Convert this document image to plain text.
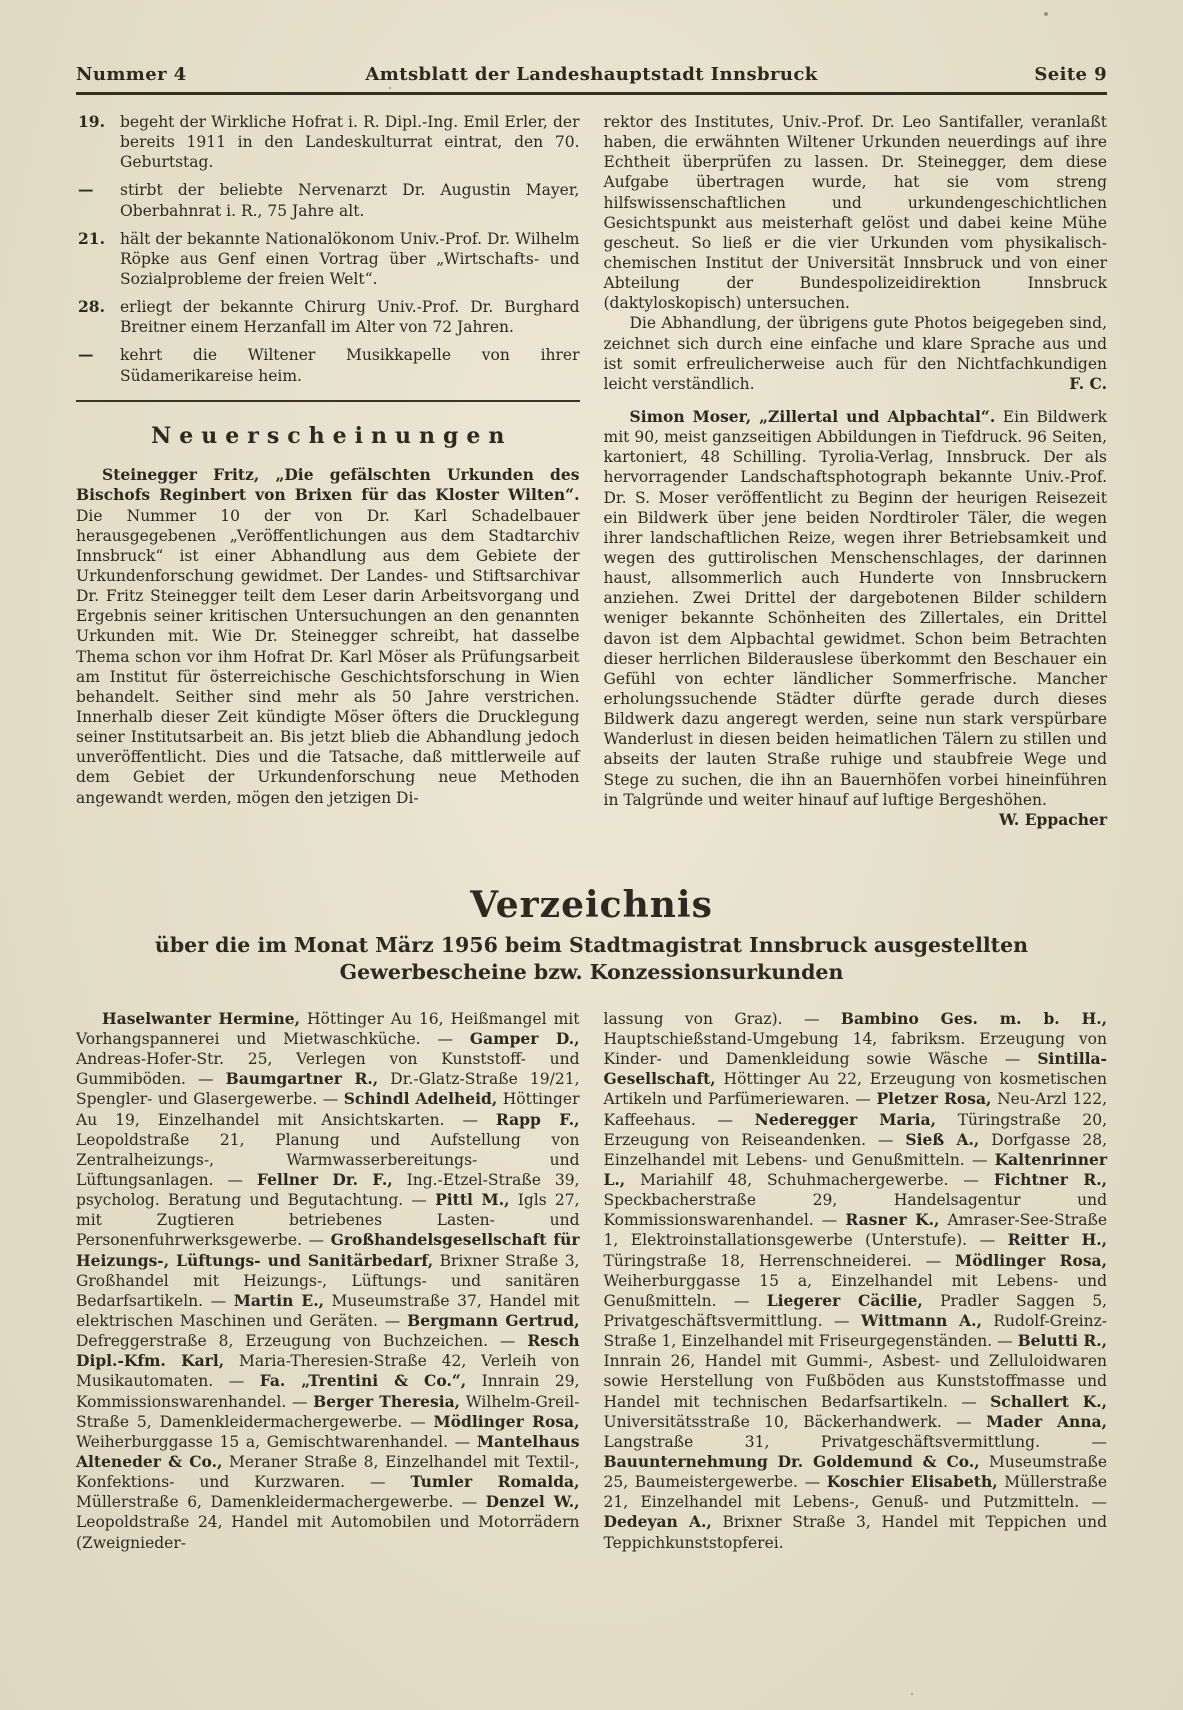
Nummer 4	Amtsblatt der Landeshauptstadt Innsbruck	Seite 9
19. begeht der Wirkliche Hofrat i. R. Dipl.-Ing. Emil Erler, der bereits 1911 in den Landeskulturrat eintrat, den 70. Geburtstag.
—	stirbt der beliebte Nervenarzt Dr. Augustin Mayer, Oberbahnrat i. R., 75 Jahre alt.
21. hält der bekannte Nationalökonom Univ.-Prof. Dr. Wilhelm Röpke aus Genf einen Vortrag über „Wirtschafts- und Sozialprobleme der freien Welt“.
28. erliegt der bekannte Chirurg Univ.-Prof. Dr. Burghard Breitner einem Herzanfall im Alter von 72 Jahren.
—	kehrt die Wiltener Musikkapelle von ihrer Südamerikareise heim.
Neuerscheinungen

Steinegger Fritz, „Die gefälschten Urkunden des Bischofs Reginbert von Brixen für das Kloster Wilten“. Die Nummer 10 der von Dr. Karl Schadelbauer herausgegebenen „Veröffentlichungen aus dem Stadtarchiv Innsbruck“ ist einer Abhandlung aus dem Gebiete der Urkundenforschung gewidmet. Der Landes- und Stiftsarchivar Dr. Fritz Steinegger teilt dem Leser darin Arbeitsvorgang und Ergebnis seiner kritischen Untersuchungen an den genannten Urkunden mit. Wie Dr. Steinegger schreibt, hat dasselbe Thema schon vor ihm Hofrat Dr. Karl Möser als Prüfungsarbeit am Institut für österreichische Geschichtsforschung in Wien behandelt. Seither sind mehr als 50 Jahre verstrichen. Innerhalb dieser Zeit kündigte Möser öfters die Drucklegung seiner Institutsarbeit an. Bis jetzt blieb die Abhandlung jedoch unveröffentlicht. Dies und die Tatsache, daß mittlerweile auf dem Gebiet der Urkundenforschung neue Methoden angewandt werden, mögen den jetzigen Di-

rektor des Institutes, Univ.-Prof. Dr. Leo Santifaller, veranlaßt haben, die erwähnten Wiltener Urkunden neuerdings auf ihre Echtheit überprüfen zu lassen. Dr. Steinegger, dem diese Aufgabe übertragen wurde, hat sie vom streng hilfswissenschaftlichen und urkundengeschichtlichen Gesichtspunkt aus meisterhaft gelöst und dabei keine Mühe gescheut. So ließ er die vier Urkunden vom physikalisch-chemischen Institut der Universität Innsbruck und von einer Abteilung der Bundespolizeidirektion Innsbruck (daktyloskopisch) untersuchen.

Die Abhandlung, der übrigens gute Photos beigegeben sind, zeichnet sich durch eine einfache und klare Sprache aus und ist somit erfreulicherweise auch für den Nichtfachkundigen leicht verständlich.	F. C.

Simon Moser, „Zillertal und Alpbachtal“. Ein Bildwerk mit 90, meist ganzseitigen Abbildungen in Tiefdruck. 96 Seiten, kartoniert, 48 Schilling. Tyrolia-Verlag, Innsbruck. Der als hervorragender Landschaftsphotograph bekannte Univ.-Prof. Dr. S. Moser veröffentlicht zu Beginn der heurigen Reisezeit ein Bildwerk über jene beiden Nordtiroler Täler, die wegen ihrer landschaftlichen Reize, wegen ihrer Betriebsamkeit und wegen des guttirolischen Menschenschlages, der darinnen haust, allsommerlich auch Hunderte von Innsbruckern anziehen. Zwei Drittel der dargebotenen Bilder schildern weniger bekannte Schönheiten des Zillertales, ein Drittel davon ist dem Alpbachtal gewidmet. Schon beim Betrachten dieser herrlichen Bilderauslese überkommt den Beschauer ein Gefühl von echter ländlicher Sommerfrische. Mancher erholungssuchende Städter dürfte gerade durch dieses Bildwerk dazu angeregt werden, seine nun stark verspürbare Wanderlust in diesen beiden heimatlichen Tälern zu stillen und abseits der lauten Straße ruhige und staubfreie Wege und Stege zu suchen, die ihn an Bauernhöfen vorbei hineinführen in Talgründe und weiter hinauf auf luftige Bergeshöhen.
W. Eppacher

Verzeichnis
über die im Monat März 1956 beim Stadtmagistrat Innsbruck ausgestellten
Gewerbescheine bzw. Konzessionsurkunden
Haselwanter Hermine, Höttinger Au 16, Heißmangel mit Vorhangspannerei und Mietwaschküche. — Gamper D., Andreas-Hofer-Str. 25, Verlegen von Kunststoff- und Gummiböden. — Baumgartner R., Dr.-Glatz-Straße 19/21, Spengler- und Glasergewerbe. — Schindl Adelheid, Höttinger Au 19, Einzelhandel mit Ansichtskarten. — Rapp F., Leopoldstraße 21, Planung und Aufstellung von Zentralheizungs-, Warmwasserbereitungs- und Lüftungsanlagen. — Fellner Dr. F., Ing.-Etzel-Straße 39, psycholog. Beratung und Begutachtung. — Pittl M., Igls 27, mit Zugtieren betriebenes Lasten- und Personenfuhrwerksgewerbe. — Großhandelsgesellschaft für Heizungs-, Lüftungs- und Sanitärbedarf, Brixner Straße 3, Großhandel mit Heizungs-, Lüftungs- und sanitären Bedarfsartikeln. — Martin E., Museumstraße 37, Handel mit elektrischen Maschinen und Geräten. — Bergmann Gertrud, Defreggerstraße 8, Erzeugung von Buchzeichen. — Resch Dipl.-Kfm. Karl, Maria-Theresien-Straße 42, Verleih von Musikautomaten. — Fa. „Trentini & Co.“, Innrain 29, Kommissionswarenhandel. — Berger Theresia, Wilhelm-Greil-Straße 5, Damenkleidermachergewerbe. — Mödlinger Rosa, Weiherburggasse 15 a, Gemischtwarenhandel. — Mantelhaus Alteneder & Co., Meraner Straße 8, Einzelhandel mit Textil-, Konfektions- und Kurzwaren. — Tumler Romalda, Müllerstraße 6, Damenkleidermachergewerbe. — Denzel W., Leopoldstraße 24, Handel mit Automobilen und Motorrädern (Zweignieder-
lassung von Graz). — Bambino Ges. m. b. H., Hauptschießstand-Umgebung 14, fabriksm. Erzeugung von Kinder- und Damenkleidung sowie Wäsche — Sintilla-Gesellschaft, Höttinger Au 22, Erzeugung von kosmetischen Artikeln und Parfümeriewaren. — Pletzer Rosa, Neu-Arzl 122, Kaffeehaus. — Nederegger Maria, Türingstraße 20, Erzeugung von Reiseandenken. — Sieß A., Dorfgasse 28, Einzelhandel mit Lebens- und Genußmitteln. — Kaltenrinner L., Mariahilf 48, Schuhmachergewerbe. — Fichtner R., Speckbacherstraße 29, Handelsagentur und Kommissionswarenhandel. — Rasner K., Amraser-See-Straße 1, Elektroinstallationsgewerbe (Unterstufe). — Reitter H., Türingstraße 18, Herrenschneiderei. — Mödlinger Rosa, Weiherburggasse 15 a, Einzelhandel mit Lebens- und Genußmitteln. — Liegerer Cäcilie, Pradler Saggen 5, Privatgeschäftsvermittlung. — Wittmann A., Rudolf-Greinz-Straße 1, Einzelhandel mit Friseurgegenständen. — Belutti R., Innrain 26, Handel mit Gummi-, Asbest- und Zelluloidwaren sowie Herstellung von Fußböden aus Kunststoffmasse und Handel mit technischen Bedarfsartikeln. — Schallert K., Universitätsstraße 10, Bäckerhandwerk. — Mader Anna, Langstraße 31, Privatgeschäftsvermittlung. — Bauunternehmung Dr. Goldemund & Co., Museumstraße 25, Baumeistergewerbe. — Koschier Elisabeth, Müllerstraße 21, Einzelhandel mit Lebens-, Genuß- und Putzmitteln. — Dedeyan A., Brixner Straße 3, Handel mit Teppichen und Teppichkunststopferei.
